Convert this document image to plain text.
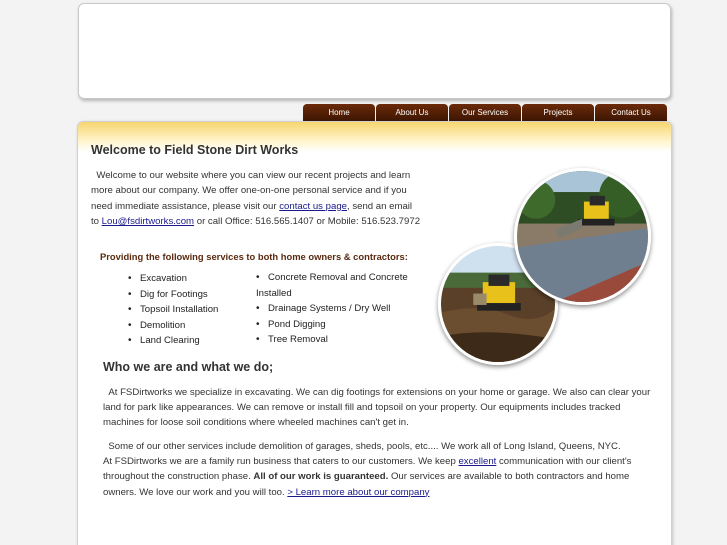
Home	About Us	Our Services	Projects	Contact Us
Welcome to Field Stone Dirt Works

Welcome to our website where you can view our recent projects and learn more about our company. We offer one-on-one personal service and if you need immediate assistance, please visit our contact us page, send an email to Lou@fsdirtworks.com or call Office: 516.565.1407 or Mobile: 516.523.7972

Providing the following services to both home owners & contractors:
• Excavation
• Dig for Footings
• Topsoil Installation
• Demolition
• Land Clearing
• Concrete Removal and Concrete
Installed
• Drainage Systems / Dry Well
• Pond Digging
• Tree Removal
Who we are and what we do;

At FSDirtworks we specialize in excavating. We can dig footings for extensions on your home or garage. We also can clear your land for park like appearances. We can remove or install fill and topsoil on your property. Our equipments includes tracked machines for loose soil conditions where wheeled machines can't get in.

Some of our other services include demolition of garages, sheds, pools, etc.... We work all of Long Island, Queens, NYC.
At FSDirtworks we are a family run business that caters to our customers. We keep excellent communication with our client's throughout the construction phase. All of our work is guaranteed. Our services are available to both contractors and home owners. We love our work and you will too. > Learn more about our company
